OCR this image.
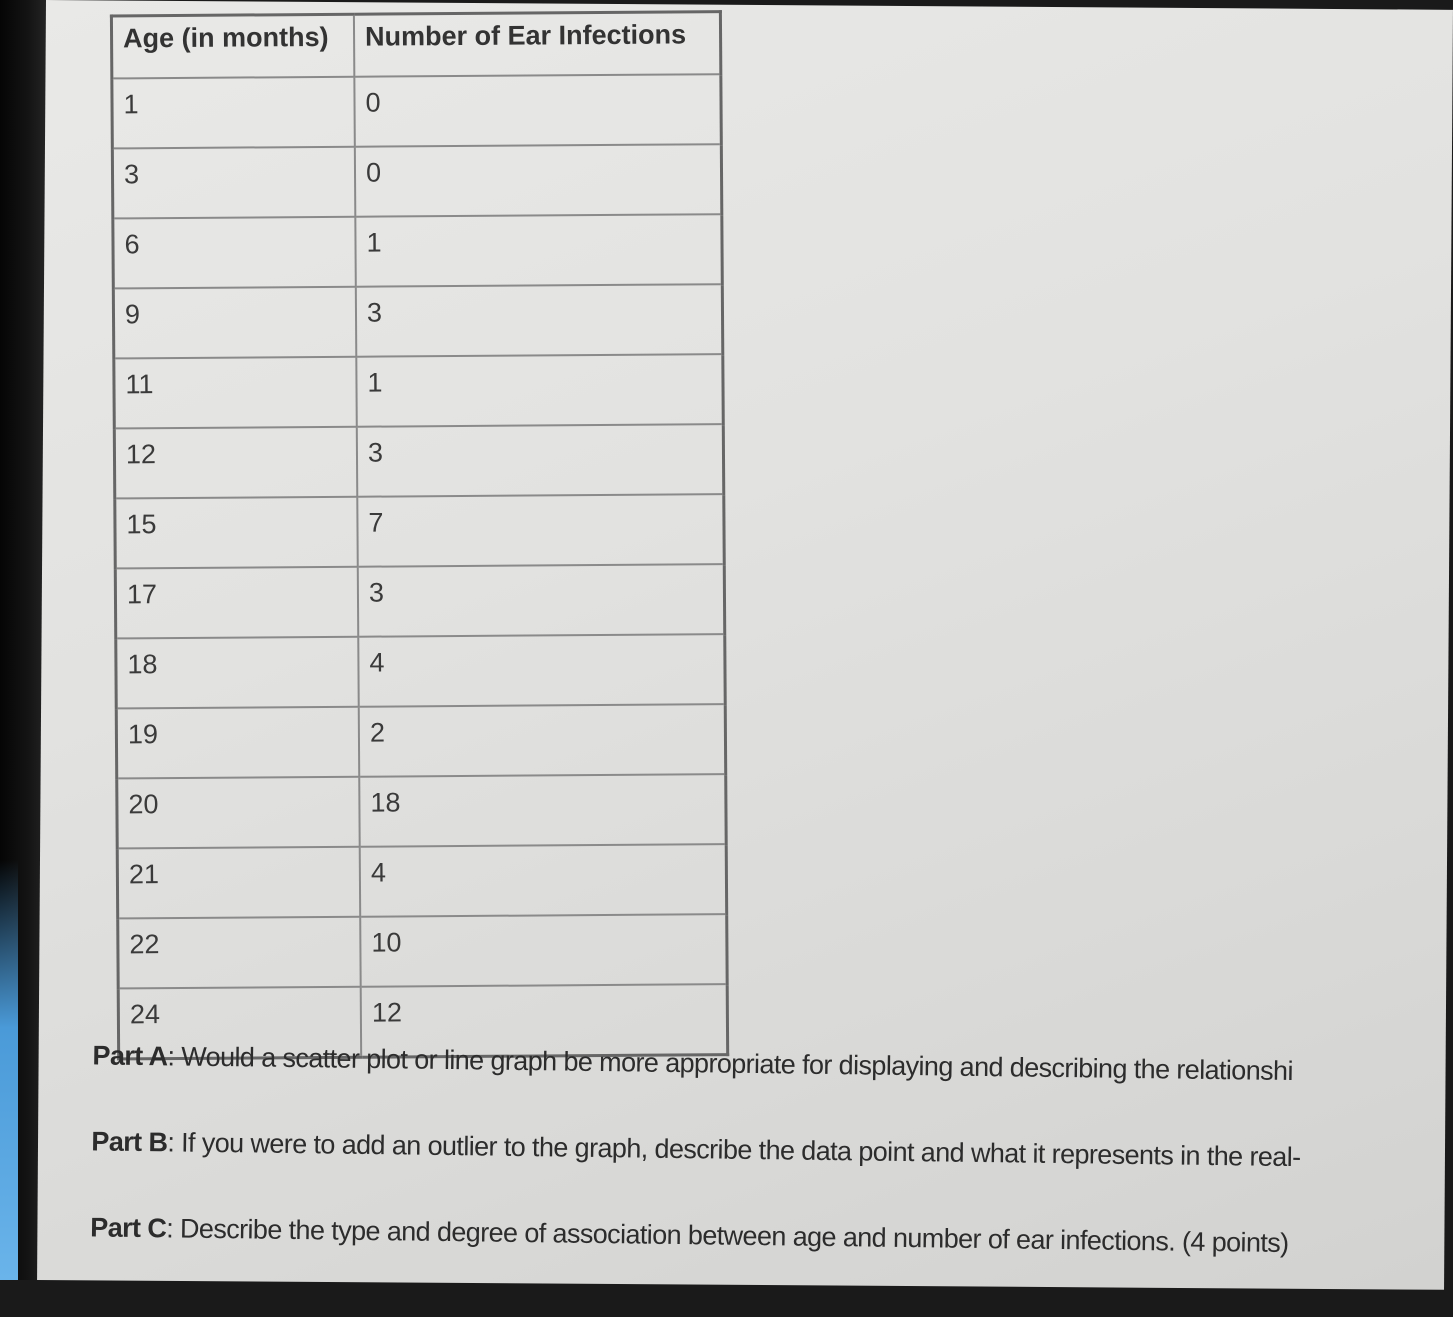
Age (in months)	Number of Ear Infections
1	0
3	0
6	1
9	3
11	1
12	3
15	7
17	3
18	4
19	2
20	18
21	4
22	10
24	12
Part A: Would a scatter plot or line graph be more appropriate for displaying and describing the relationshi
Part B: If you were to add an outlier to the graph, describe the data point and what it represents in the real-
Part C: Describe the type and degree of association between age and number of ear infections. (4 points)
